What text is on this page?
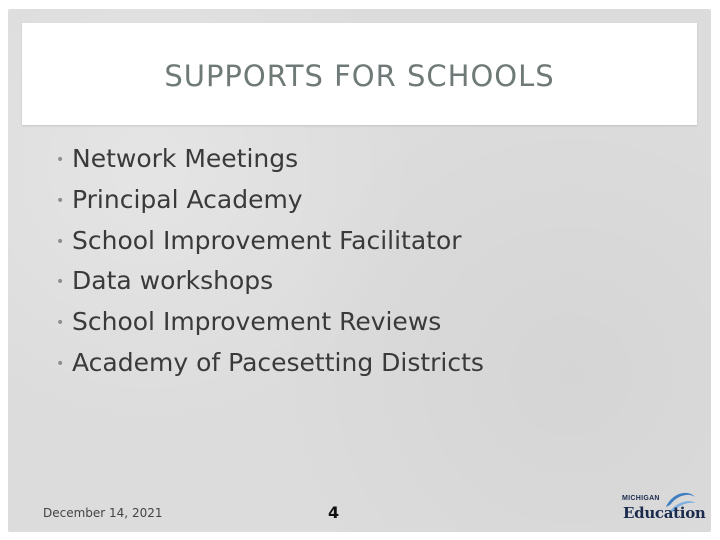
SUPPORTS FOR SCHOOLS
• Network Meetings
• Principal Academy
• School Improvement Facilitator
• Data workshops
• School Improvement Reviews
• Academy of Pacesetting Districts
December 14, 2021	4
MICHIGAN
Education
